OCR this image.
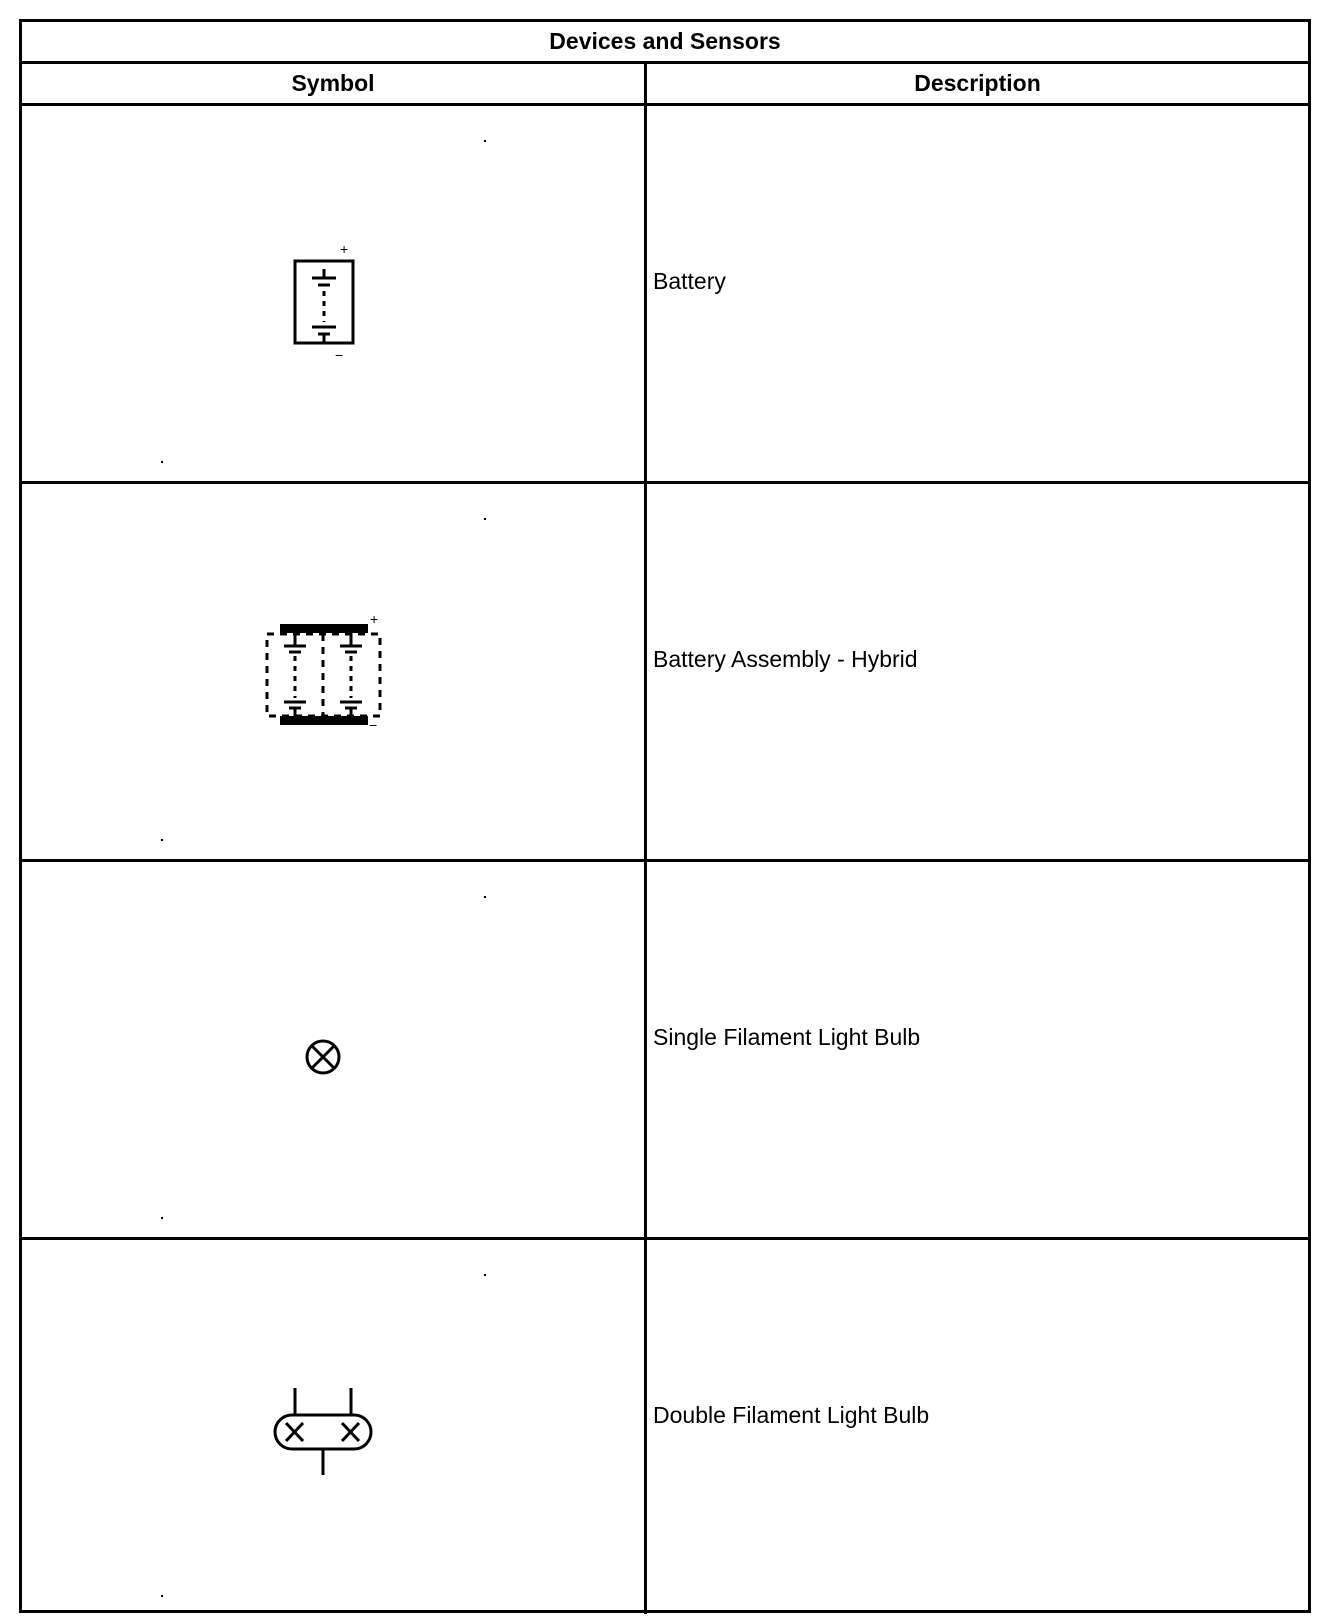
Devices and Sensors
Symbol	Description
+
−
Battery
+
−
Battery Assembly - Hybrid
Single Filament Light Bulb
Double Filament Light Bulb
